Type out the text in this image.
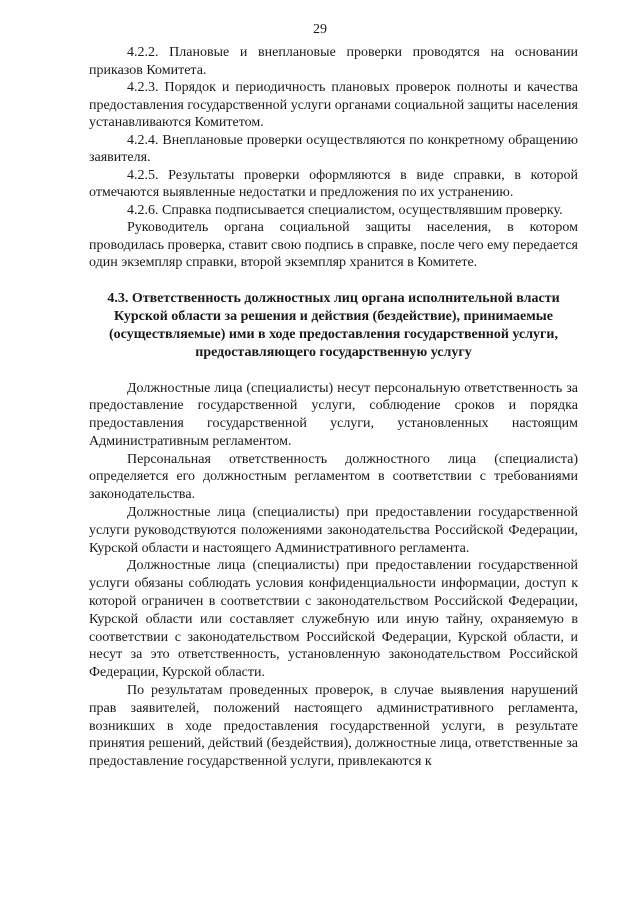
29

4.2.2. Плановые и внеплановые проверки проводятся на основании приказов Комитета.

4.2.3. Порядок и периодичность плановых проверок полноты и качества предоставления государственной услуги органами социальной защиты населения устанавливаются Комитетом.

4.2.4. Внеплановые проверки осуществляются по конкретному обращению заявителя.

4.2.5. Результаты проверки оформляются в виде справки, в которой отмечаются выявленные недостатки и предложения по их устранению.

4.2.6. Справка подписывается специалистом, осуществлявшим проверку.

Руководитель органа социальной защиты населения, в котором проводилась проверка, ставит свою подпись в справке, после чего ему передается один экземпляр справки, второй экземпляр хранится в Комитете.

4.3. Ответственность должностных лиц органа исполнительной власти Курской области за решения и действия (бездействие), принимаемые (осуществляемые) ими в ходе предоставления государственной услуги, предоставляющего государственную услугу

Должностные лица (специалисты) несут персональную ответственность за предоставление государственной услуги, соблюдение сроков и порядка предоставления государственной услуги, установленных настоящим Административным регламентом.

Персональная ответственность должностного лица (специалиста) определяется его должностным регламентом в соответствии с требованиями законодательства.

Должностные лица (специалисты) при предоставлении государственной услуги руководствуются положениями законодательства Российской Федерации, Курской области и настоящего Административного регламента.

Должностные лица (специалисты) при предоставлении государственной услуги обязаны соблюдать условия конфиденциальности информации, доступ к которой ограничен в соответствии с законодательством Российской Федерации, Курской области или составляет служебную или иную тайну, охраняемую в соответствии с законодательством Российской Федерации, Курской области, и несут за это ответственность, установленную законодательством Российской Федерации, Курской области.

По результатам проведенных проверок, в случае выявления нарушений прав заявителей, положений настоящего административного регламента, возникших в ходе предоставления государственной услуги, в результате принятия решений, действий (бездействия), должностные лица, ответственные за предоставление государственной услуги, привлекаются к
